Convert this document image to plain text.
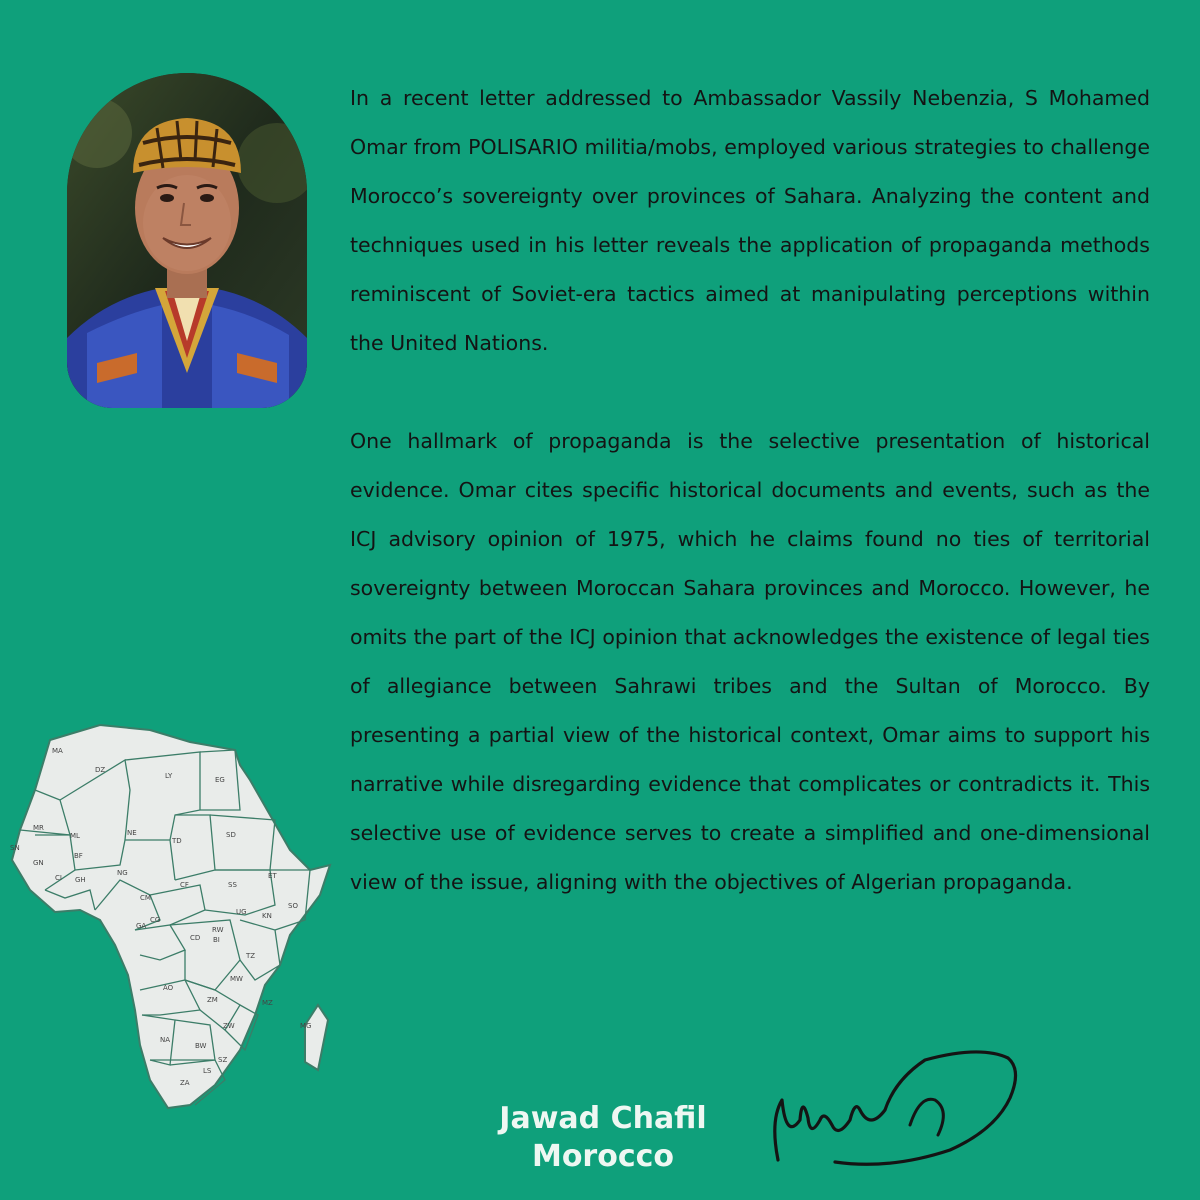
In a recent letter addressed to Ambassador Vassily Nebenzia, S Mohamed Omar from POLISARIO militia/mobs, employed various strategies to challenge Morocco’s sovereignty over provinces of Sahara. Analyzing the content and techniques used in his letter reveals the application of propaganda methods reminiscent of Soviet-era tactics aimed at manipulating perceptions within the United Nations.

One hallmark of propaganda is the selective presentation of historical evidence. Omar cites specific historical documents and events, such as the ICJ advisory opinion of 1975, which he claims found no ties of territorial sovereignty between Moroccan Sahara provinces and Morocco. However, he omits the part of the ICJ opinion that acknowledges the existence of legal ties of allegiance between Sahrawi tribes and the Sultan of Morocco. By presenting a partial view of the historical context, Omar aims to support his narrative while disregarding evidence that complicates or contradicts it. This selective use of evidence serves to create a simplified and one-dimensional view of the issue, aligning with the objectives of Algerian propaganda.

MA
DZ
LY	EG
MR
ML	NE
TD
SD
SN
GN
BF
CI GH
NG
CF	SS
ET
CM
UG KN
SO
GA
CG
CD
RW
BI
TZ
AO
MW
ZM	MZ
MG
NA
BW
ZW
SZ
LS
ZA
Jawad Chafil
Morocco
